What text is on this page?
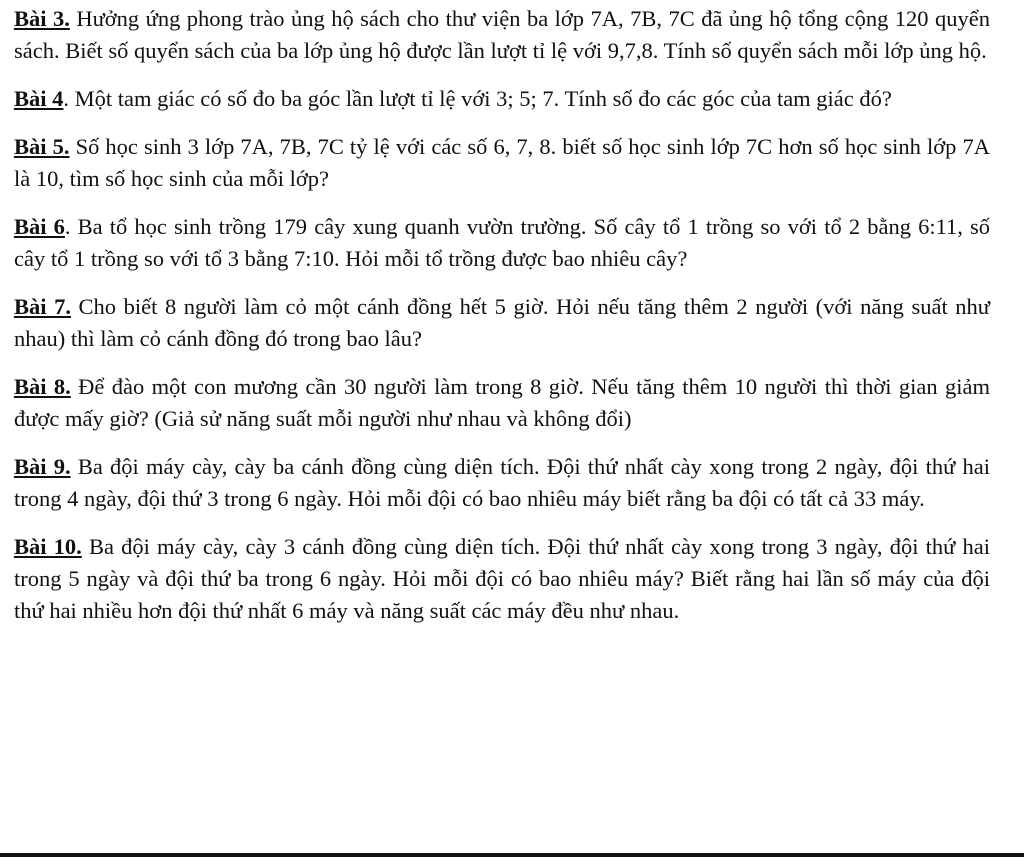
Bài 3. Hưởng ứng phong trào ủng hộ sách cho thư viện ba lớp 7A, 7B, 7C đã ủng hộ tổng cộng 120 quyển sách. Biết số quyển sách của ba lớp ủng hộ được lần lượt tỉ lệ với 9,7,8. Tính số quyển sách mỗi lớp ủng hộ.

Bài 4. Một tam giác có số đo ba góc lần lượt tỉ lệ với 3; 5; 7. Tính số đo các góc của tam giác đó?

Bài 5. Số học sinh 3 lớp 7A, 7B, 7C tỷ lệ với các số 6, 7, 8. biết số học sinh lớp 7C hơn số học sinh lớp 7A là 10, tìm số học sinh của mỗi lớp?

Bài 6. Ba tổ học sinh trồng 179 cây xung quanh vườn trường. Số cây tổ 1 trồng so với tổ 2 bằng 6:11, số cây tổ 1 trồng so với tổ 3 bằng 7:10. Hỏi mỗi tổ trồng được bao nhiêu cây?

Bài 7. Cho biết 8 người làm cỏ một cánh đồng hết 5 giờ. Hỏi nếu tăng thêm 2 người (với năng suất như nhau) thì làm cỏ cánh đồng đó trong bao lâu?

Bài 8. Để đào một con mương cần 30 người làm trong 8 giờ. Nếu tăng thêm 10 người thì thời gian giảm được mấy giờ? (Giả sử năng suất mỗi người như nhau và không đổi)

Bài 9. Ba đội máy cày, cày ba cánh đồng cùng diện tích. Đội thứ nhất cày xong trong 2 ngày, đội thứ hai trong 4 ngày, đội thứ 3 trong 6 ngày. Hỏi mỗi đội có bao nhiêu máy biết rằng ba đội có tất cả 33 máy.

Bài 10. Ba đội máy cày, cày 3 cánh đồng cùng diện tích. Đội thứ nhất cày xong trong 3 ngày, đội thứ hai trong 5 ngày và đội thứ ba trong 6 ngày. Hỏi mỗi đội có bao nhiêu máy? Biết rằng hai lần số máy của đội thứ hai nhiều hơn đội thứ nhất 6 máy và năng suất các máy đều như nhau.
